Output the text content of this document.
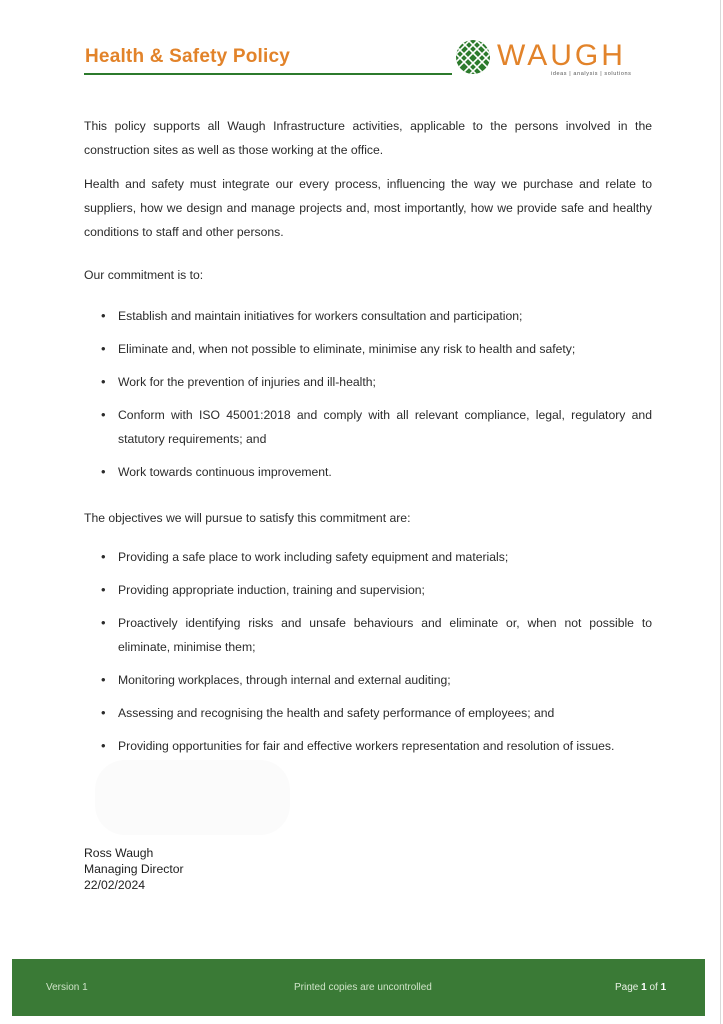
Health & Safety Policy	WAUGH
ideas | analysis | solutions

This policy supports all Waugh Infrastructure activities, applicable to the persons involved in the construction sites as well as those working at the office.

Health and safety must integrate our every process, influencing the way we purchase and relate to suppliers, how we design and manage projects and, most importantly, how we provide safe and healthy conditions to staff and other persons.

Our commitment is to:
• Establish and maintain initiatives for workers consultation and participation;
• Eliminate and, when not possible to eliminate, minimise any risk to health and safety;
• Work for the prevention of injuries and ill-health;
• Conform with ISO 45001:2018 and comply with all relevant compliance, legal, regulatory and statutory requirements; and
• Work towards continuous improvement.
The objectives we will pursue to satisfy this commitment are:
• Providing a safe place to work including safety equipment and materials;
• Providing appropriate induction, training and supervision;
• Proactively identifying risks and unsafe behaviours and eliminate or, when not possible to eliminate, minimise them;
• Monitoring workplaces, through internal and external auditing;
• Assessing and recognising the health and safety performance of employees; and
• Providing opportunities for fair and effective workers representation and resolution of issues.
Ross Waugh
Managing Director
22/02/2024
Version 1	Printed copies are uncontrolled	Page 1 of 1
